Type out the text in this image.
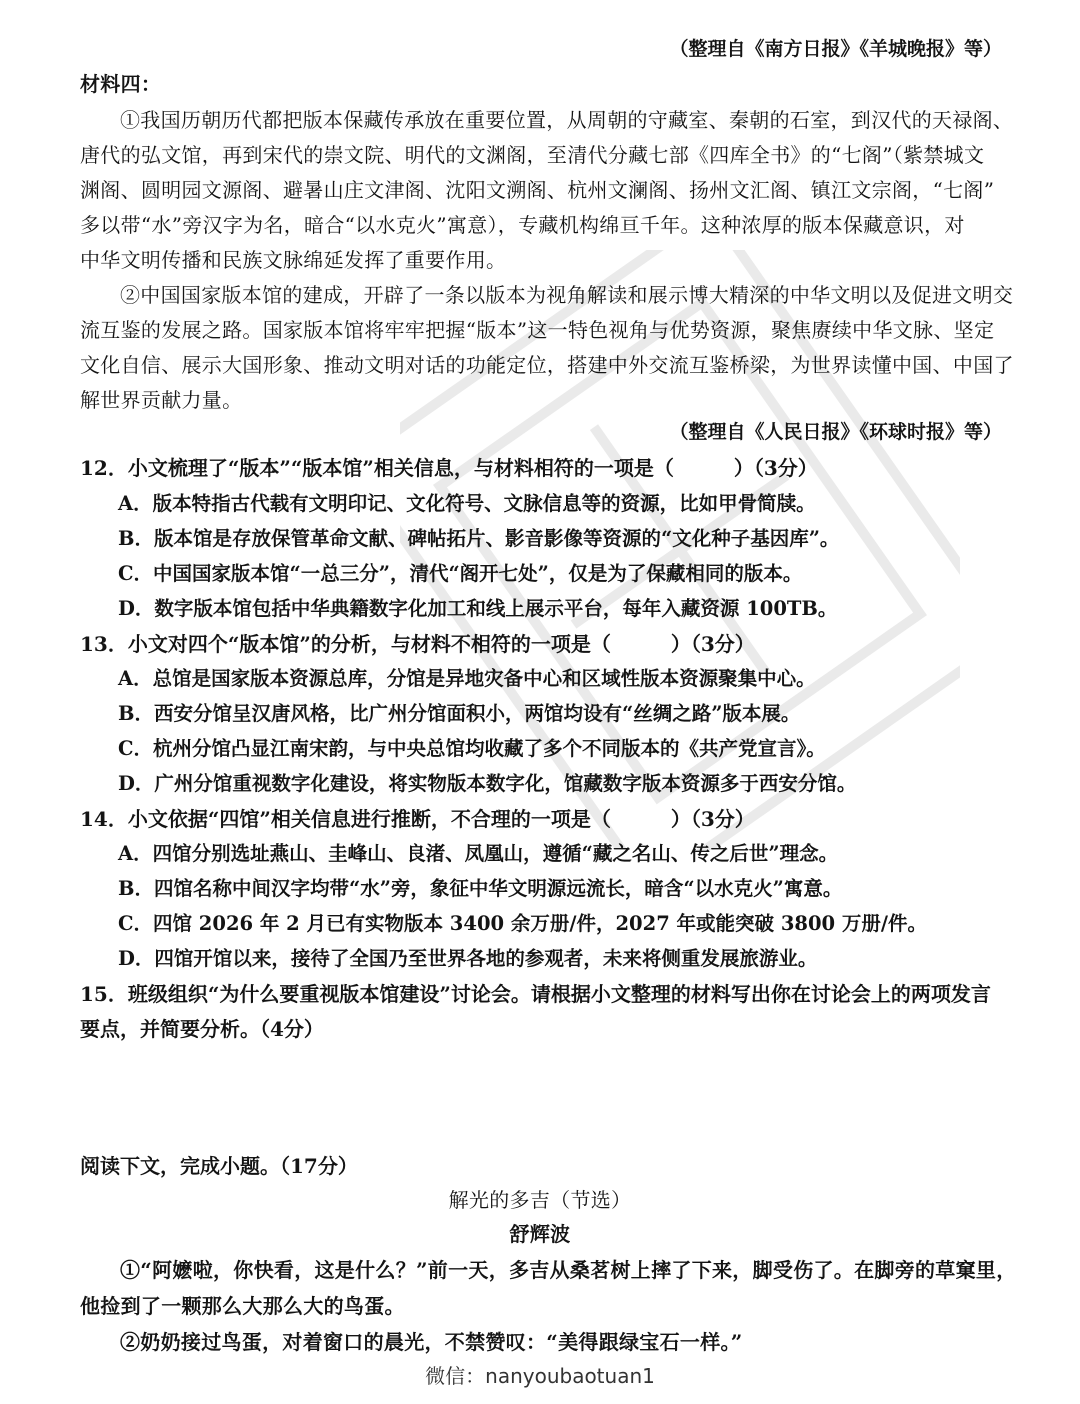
（整理自《南方日报》《羊城晚报》等）
材料四：
①我国历朝历代都把版本保藏传承放在重要位置，从周朝的守藏室、秦朝的石室，到汉代的天禄阁、
唐代的弘文馆，再到宋代的崇文院、明代的文渊阁，至清代分藏七部《四库全书》的“七阁”（紫禁城文
渊阁、圆明园文源阁、避暑山庄文津阁、沈阳文溯阁、杭州文澜阁、扬州文汇阁、镇江文宗阁，“七阁”
多以带“水”旁汉字为名，暗合“以水克火”寓意），专藏机构绵亘千年。这种浓厚的版本保藏意识，对
中华文明传播和民族文脉绵延发挥了重要作用。
②中国国家版本馆的建成，开辟了一条以版本为视角解读和展示博大精深的中华文明以及促进文明交
流互鉴的发展之路。国家版本馆将牢牢把握“版本”这一特色视角与优势资源，聚焦赓续中华文脉、坚定
文化自信、展示大国形象、推动文明对话的功能定位，搭建中外交流互鉴桥梁，为世界读懂中国、中国了
解世界贡献力量。
（整理自《人民日报》《环球时报》等）
12．小文梳理了“版本”“版本馆”相关信息，与材料相符的一项是（　　　）（3分）
A．版本特指古代载有文明印记、文化符号、文脉信息等的资源，比如甲骨简牍。
B．版本馆是存放保管革命文献、碑帖拓片、影音影像等资源的“文化种子基因库”。
C．中国国家版本馆“一总三分”，清代“阁开七处”，仅是为了保藏相同的版本。
D．数字版本馆包括中华典籍数字化加工和线上展示平台，每年入藏资源 100TB。
13．小文对四个“版本馆”的分析，与材料不相符的一项是（　　　）（3分）
A．总馆是国家版本资源总库，分馆是异地灾备中心和区域性版本资源聚集中心。
B．西安分馆呈汉唐风格，比广州分馆面积小，两馆均设有“丝绸之路”版本展。
C．杭州分馆凸显江南宋韵，与中央总馆均收藏了多个不同版本的《共产党宣言》。
D．广州分馆重视数字化建设，将实物版本数字化，馆藏数字版本资源多于西安分馆。
14．小文依据“四馆”相关信息进行推断，不合理的一项是（　　　）（3分）
A．四馆分别选址燕山、圭峰山、良渚、凤凰山，遵循“藏之名山、传之后世”理念。
B．四馆名称中间汉字均带“水”旁，象征中华文明源远流长，暗含“以水克火”寓意。
C．四馆 2026 年 2 月已有实物版本 3400 余万册/件，2027 年或能突破 3800 万册/件。
D．四馆开馆以来，接待了全国乃至世界各地的参观者，未来将侧重发展旅游业。
15．班级组织“为什么要重视版本馆建设”讨论会。请根据小文整理的材料写出你在讨论会上的两项发言
要点，并简要分析。（4分）
阅读下文，完成小题。（17分）
解光的多吉（节选）
舒辉波
①“阿嬷啦，你快看，这是什么？”前一天，多吉从桑茗树上摔了下来，脚受伤了。在脚旁的草窠里，
他捡到了一颗那么大那么大的鸟蛋。
②奶奶接过鸟蛋，对着窗口的晨光，不禁赞叹：“美得跟绿宝石一样。”
微信：nanyoubaotuan1
